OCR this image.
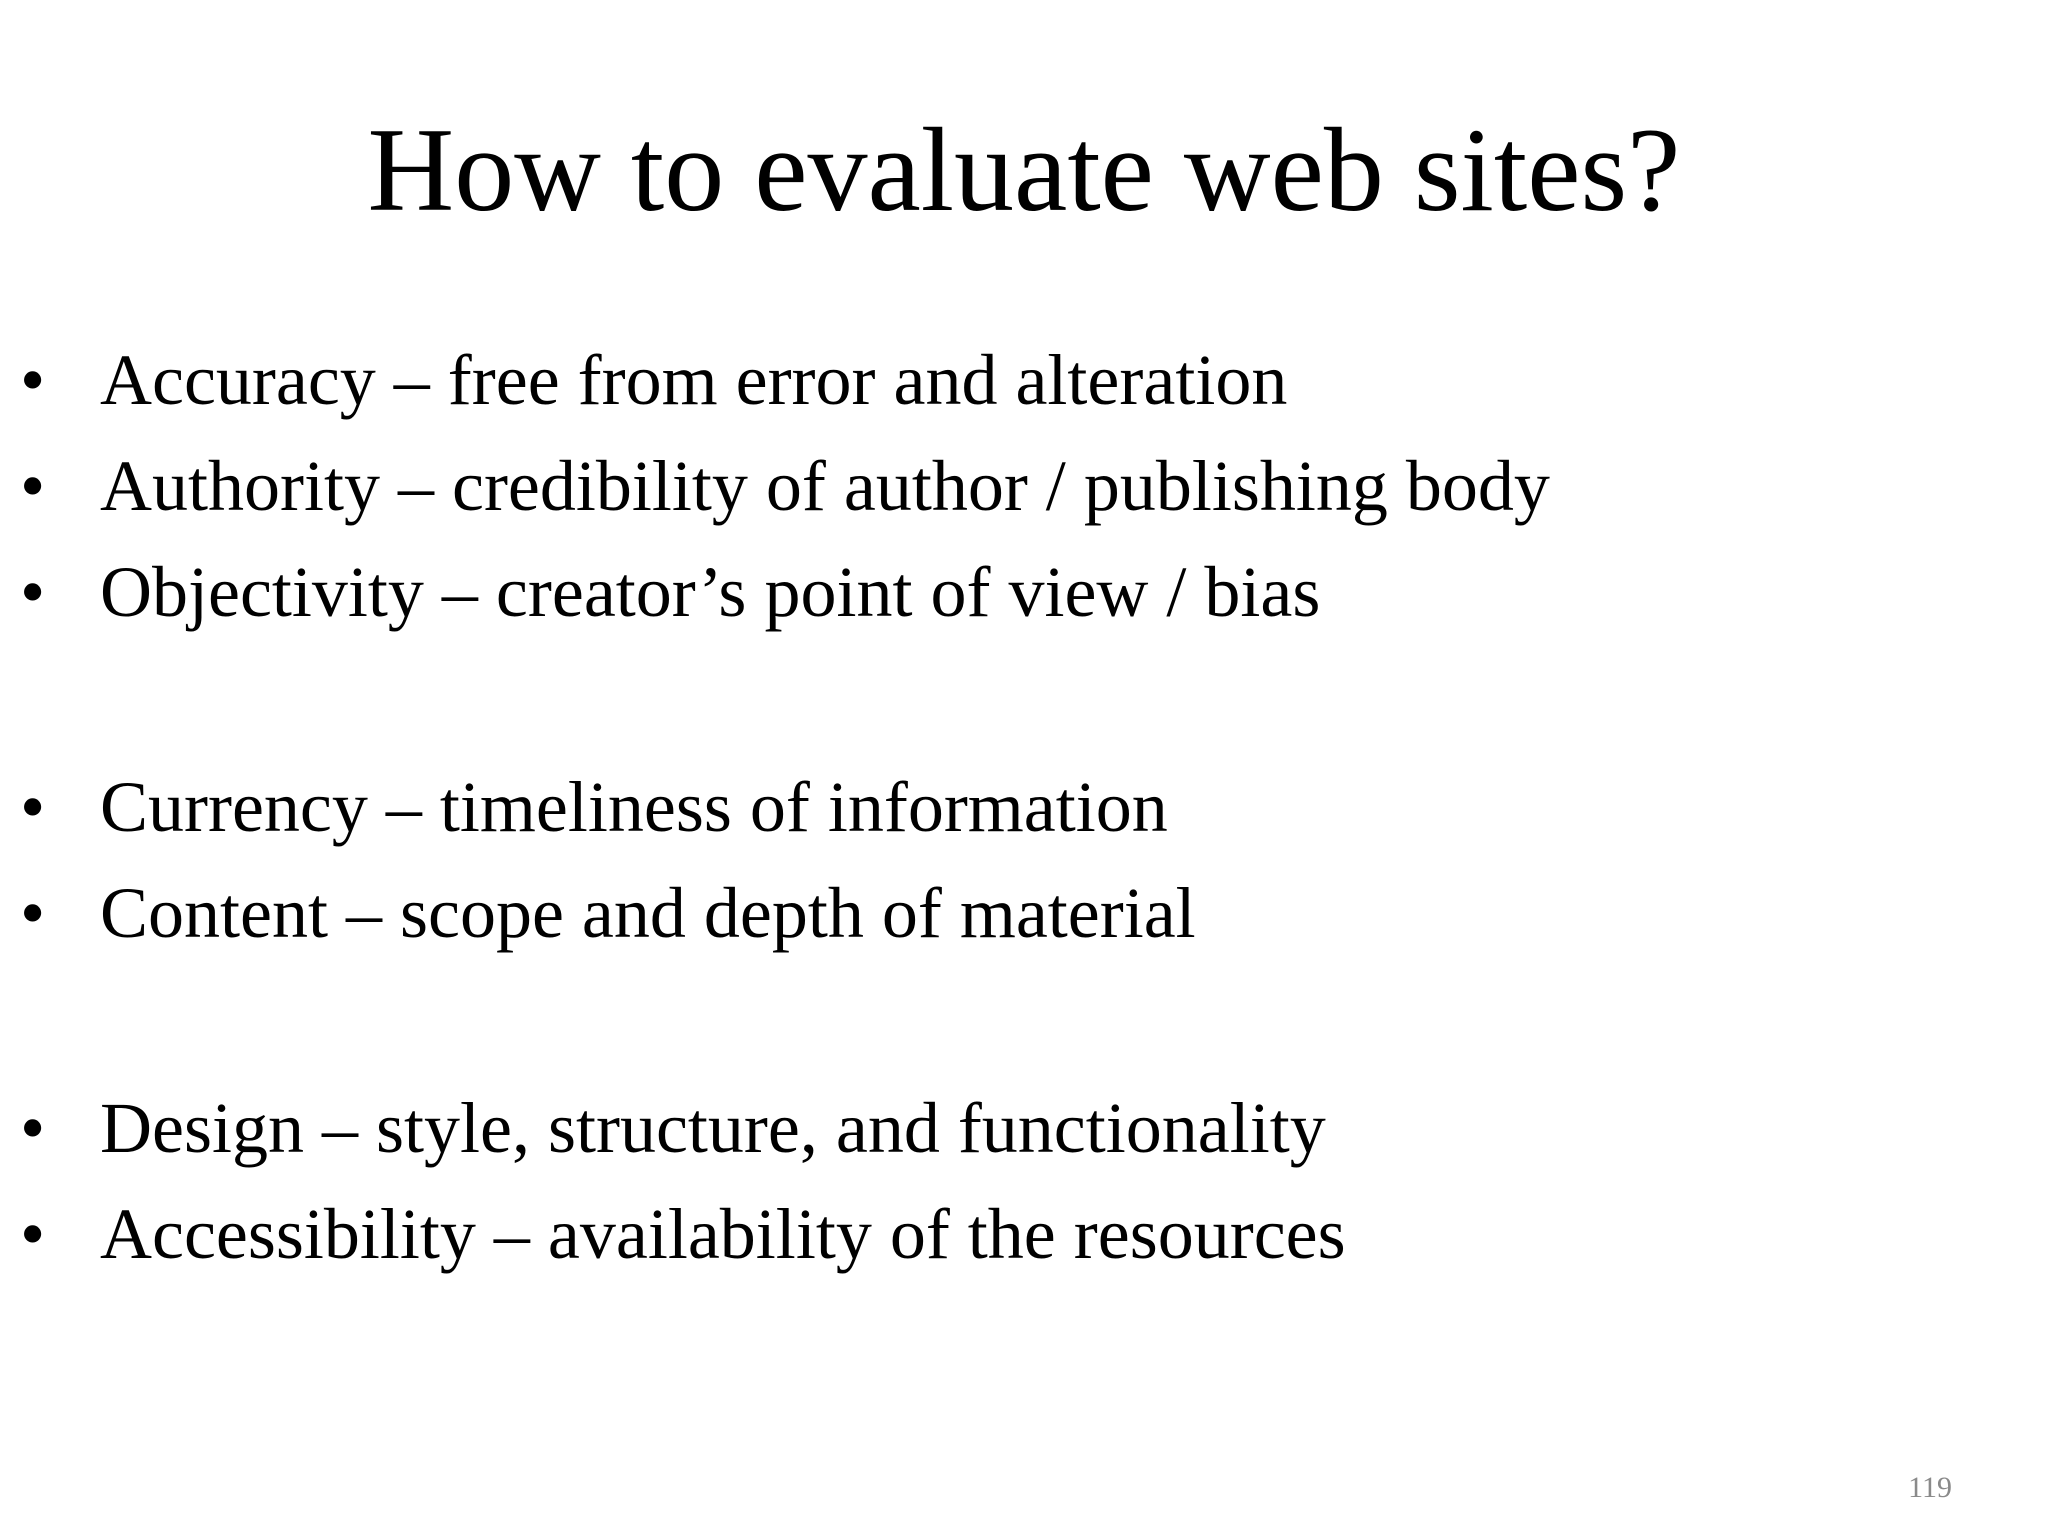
How to evaluate web sites?
• Accuracy – free from error and alteration
• Authority – credibility of author / publishing body
• Objectivity – creator’s point of view / bias
• Currency – timeliness of information
• Content – scope and depth of material
• Design – style, structure, and functionality
• Accessibility – availability of the resources
119
